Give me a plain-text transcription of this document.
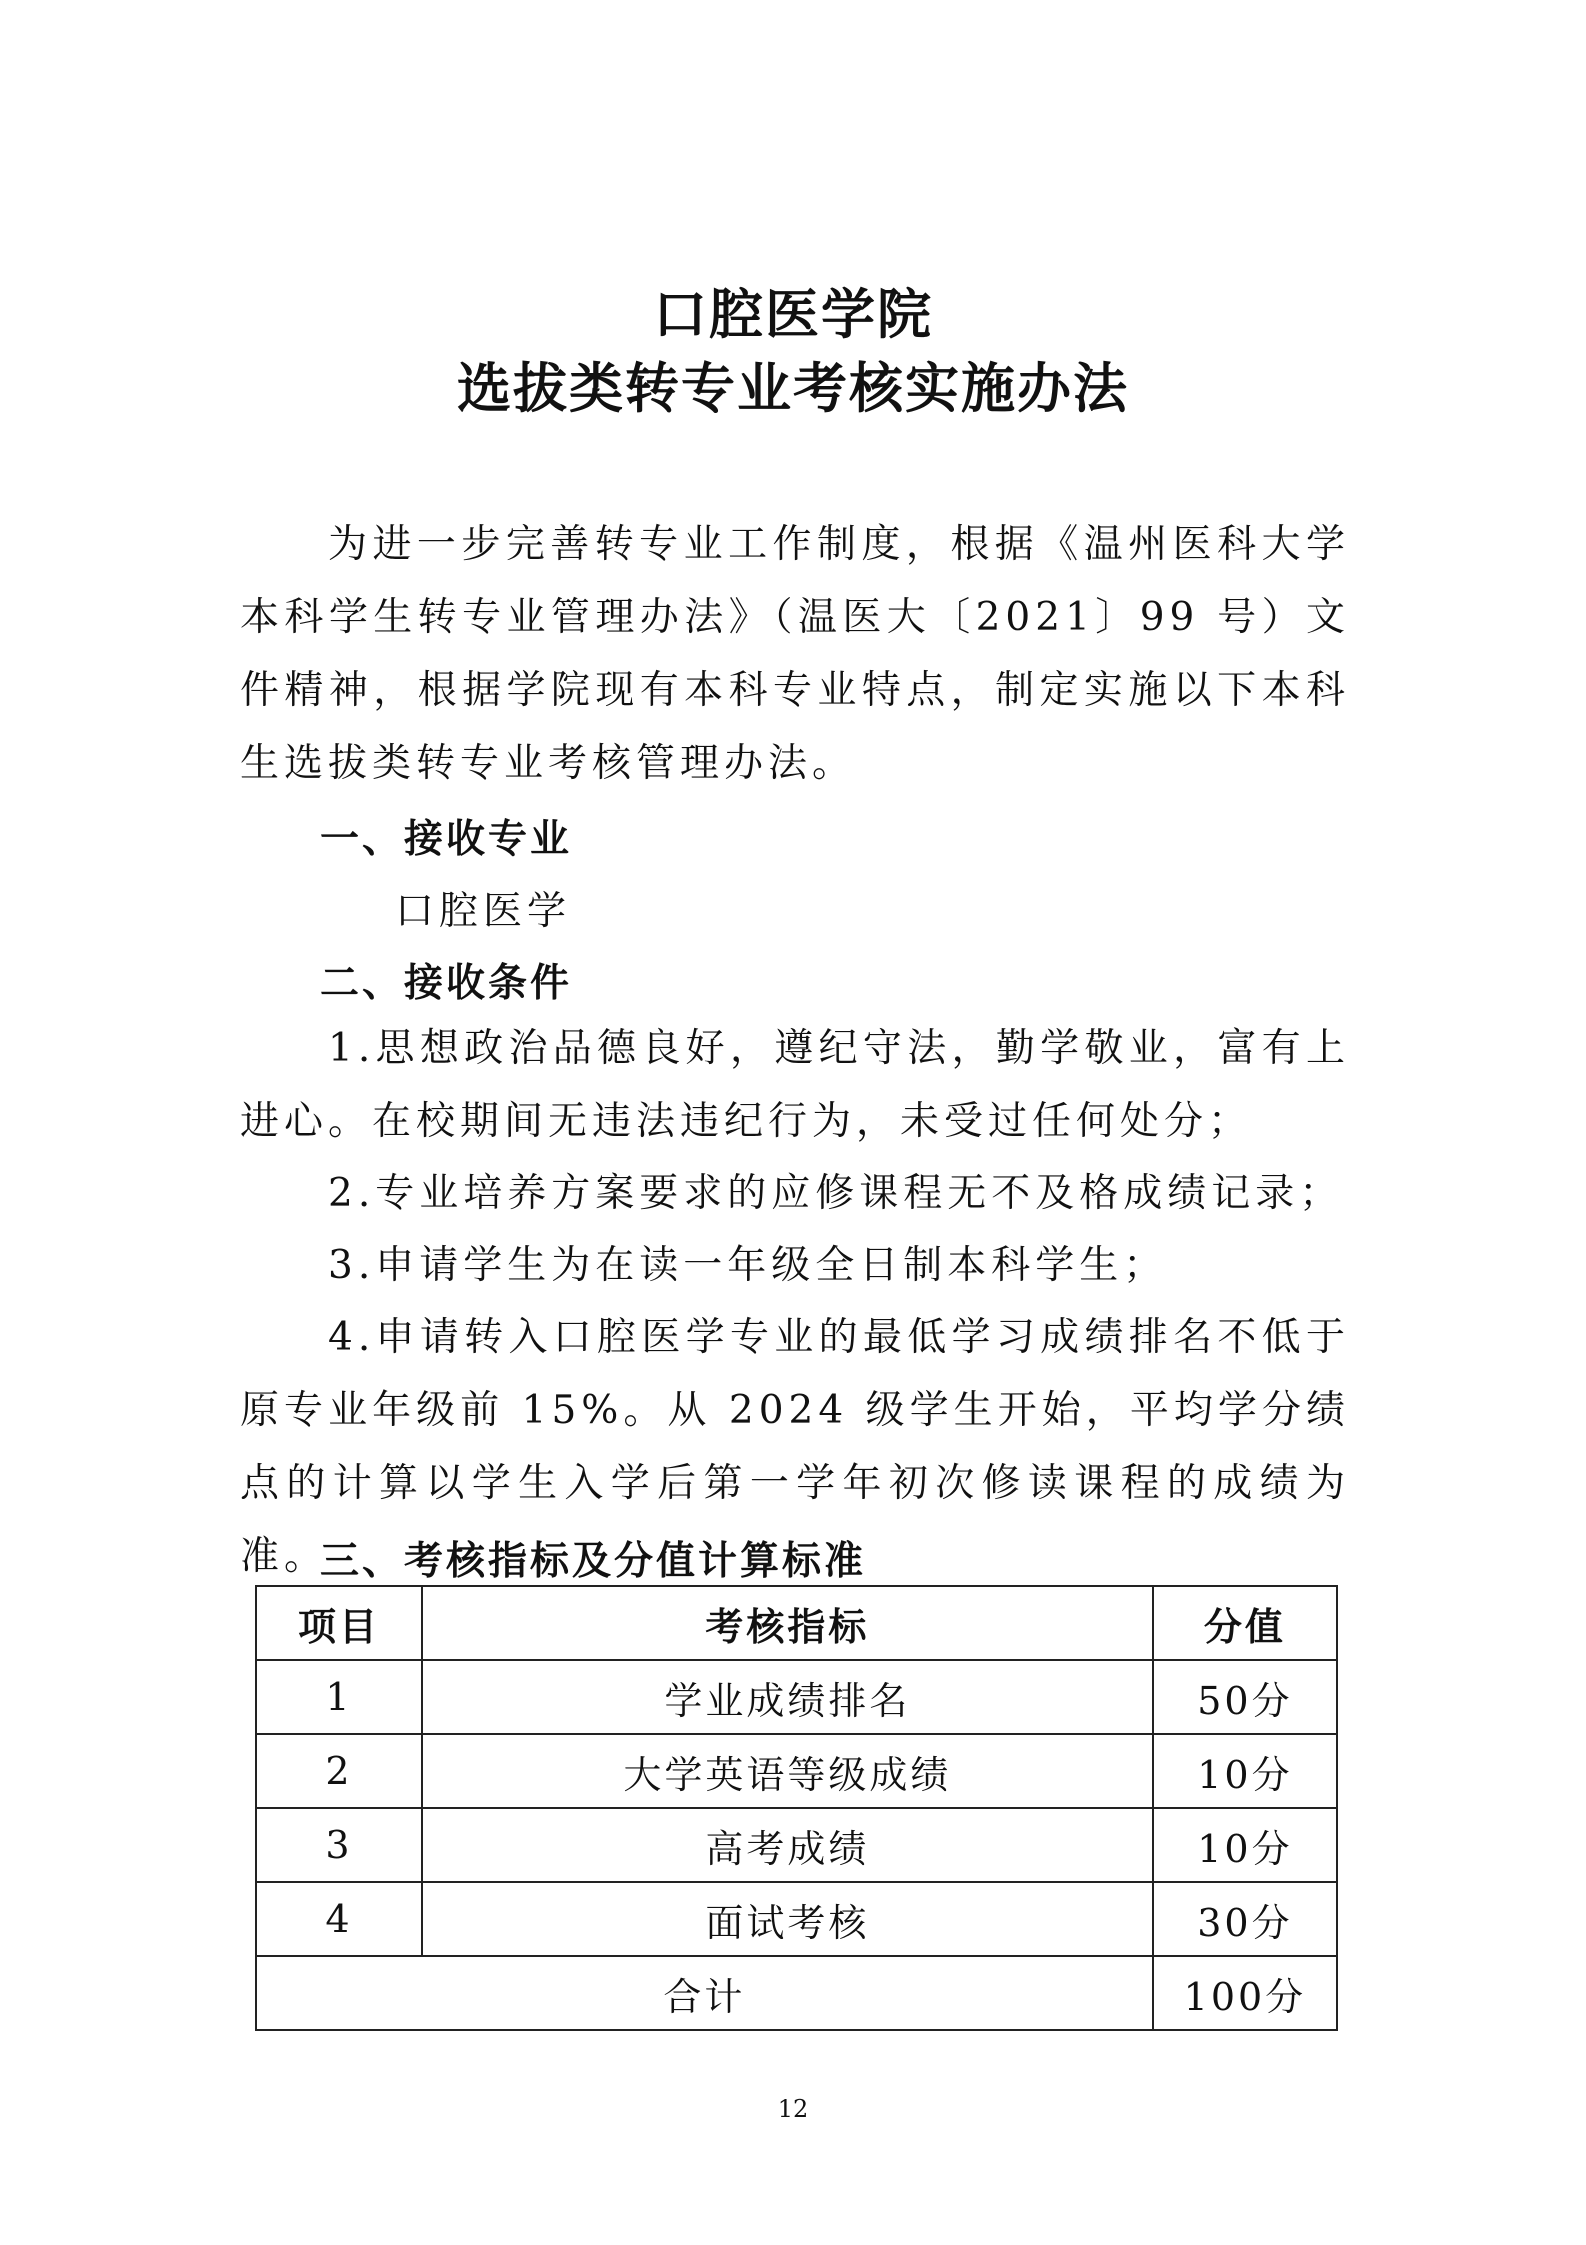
口腔医学院
选拔类转专业考核实施办法
为进一步完善转专业工作制度，根据《温州医科大学本科学生转专业管理办法》（温医大〔2021〕99 号）文件精神，根据学院现有本科专业特点，制定实施以下本科生选拔类转专业考核管理办法。
一、接收专业
口腔医学
二、接收条件
1.思想政治品德良好，遵纪守法，勤学敬业，富有上进心。在校期间无违法违纪行为，未受过任何处分；
2.专业培养方案要求的应修课程无不及格成绩记录；
3.申请学生为在读一年级全日制本科学生；
4.申请转入口腔医学专业的最低学习成绩排名不低于原专业年级前 15%。从 2024 级学生开始，平均学分绩点的计算以学生入学后第一学年初次修读课程的成绩为准。
三、考核指标及分值计算标准
项目	考核指标	分值
1	学业成绩排名	50分
2	大学英语等级成绩	10分
3	高考成绩	10分
4	面试考核	30分
合计		100分
12
